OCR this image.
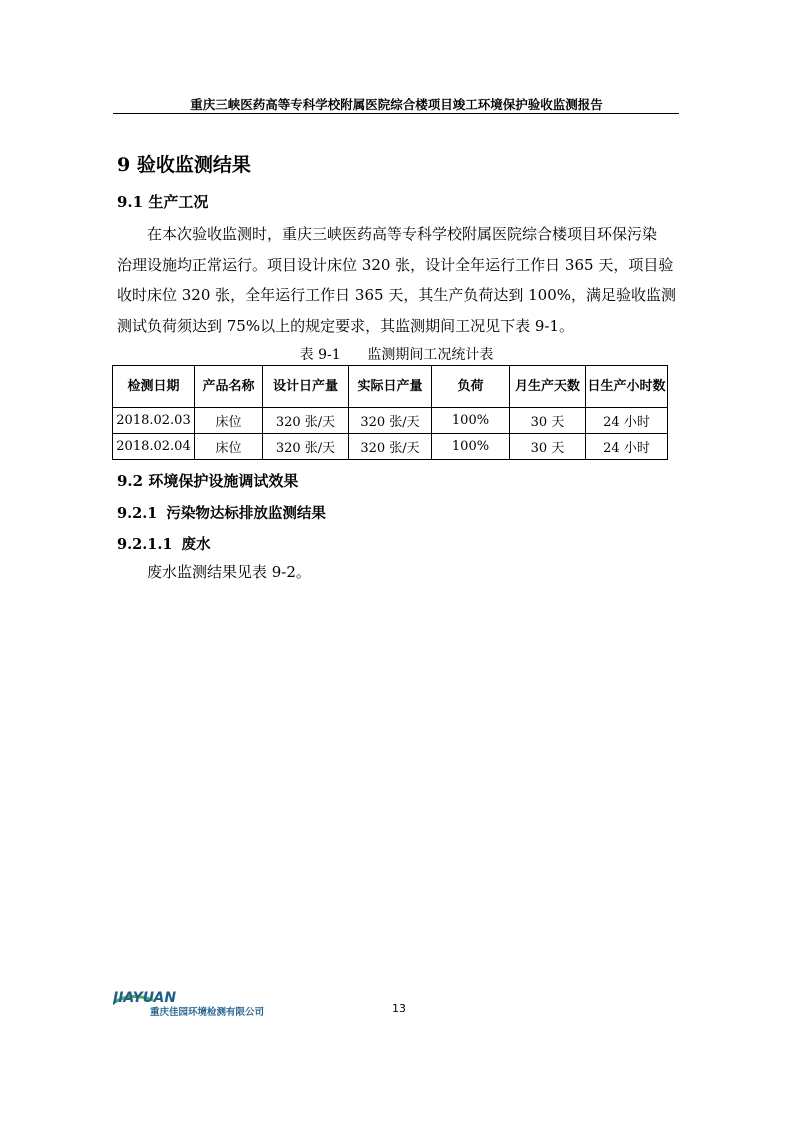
重庆三峡医药高等专科学校附属医院综合楼项目竣工环境保护验收监测报告
9 验收监测结果
9.1 生产工况

在本次验收监测时，重庆三峡医药高等专科学校附属医院综合楼项目环保污染
治理设施均正常运行。项目设计床位 320 张，设计全年运行工作日 365 天，项目验
收时床位 320 张，全年运行工作日 365 天，其生产负荷达到 100%，满足验收监测
测试负荷须达到 75%以上的规定要求，其监测期间工况见下表 9-1。

表 9-1      监测期间工况统计表
检测日期	产品名称	设计日产量	实际日产量	负荷	月生产天数	日生产小时数
2018.02.03	床位	320 张/天	320 张/天	100%	30 天	24 小时
2018.02.04	床位	320 张/天	320 张/天	100%	30 天	24 小时
9.2 环境保护设施调试效果
9.2.1 污染物达标排放监测结果
9.2.1.1 废水
废水监测结果见表 9-2。
JIAYUAN
重庆佳园环境检测有限公司	13
